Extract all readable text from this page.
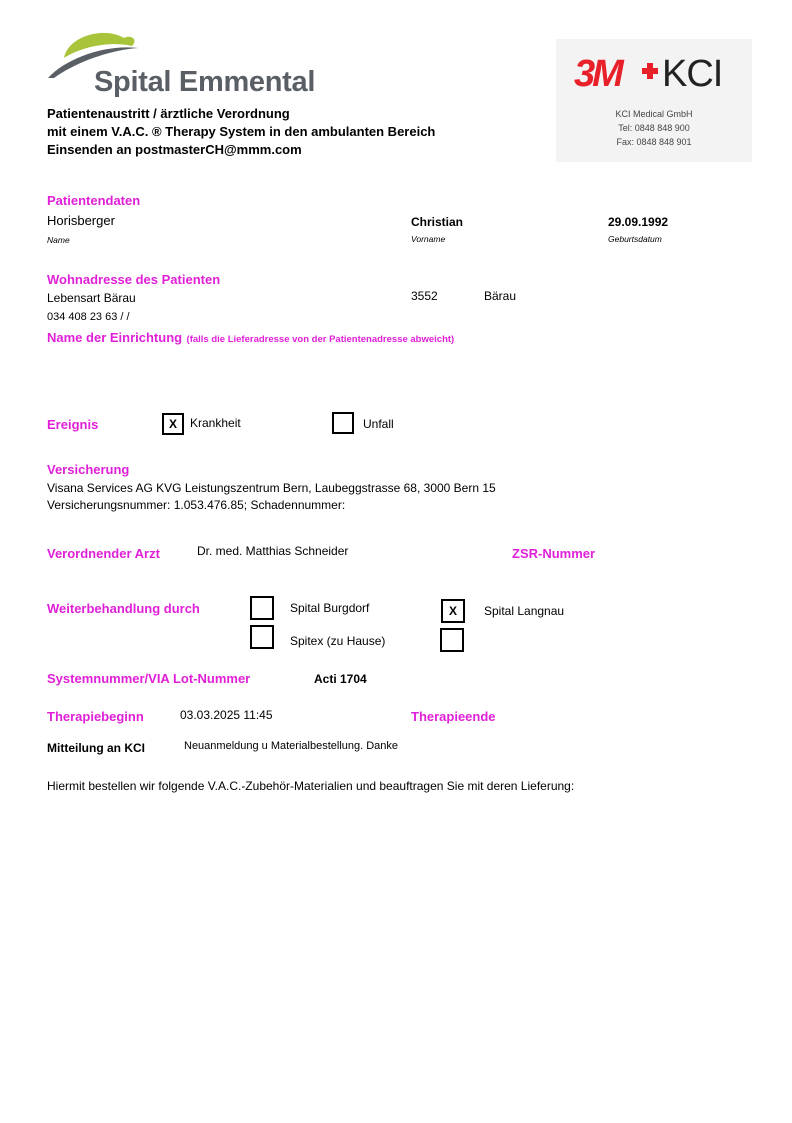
Spital Emmental
Patientenaustritt / ärztliche Verordnung
mit einem V.A.C. ® Therapy System in den ambulanten Bereich
Einsenden an postmasterCH@mmm.com
3M KCI
KCI Medical GmbH
Tel: 0848 848 900
Fax: 0848 848 901
Patientendaten
Horisberger
Name
Christian
Vorname
29.09.1992
Geburtsdatum
Wohnadresse des Patienten
Lebensart Bärau	3552	Bärau
034 408 23 63 / /
Name der Einrichtung (falls die Lieferadresse von der Patientenadresse abweicht)
Ereignis	X	Krankheit	Unfall
Versicherung
Visana Services AG KVG Leistungszentrum Bern, Laubeggstrasse 68, 3000 Bern 15
Versicherungsnummer: 1.053.476.85; Schadennummer:
Verordnender Arzt	Dr. med. Matthias Schneider	ZSR-Nummer
Weiterbehandlung durch	Spital Burgdorf	X	Spital Langnau
Spitex (zu Hause)
Systemnummer/VIA Lot-Nummer	Acti 1704
Therapiebeginn	03.03.2025 11:45	Therapieende
Mitteilung an KCI	Neuanmeldung u Materialbestellung. Danke
Hiermit bestellen wir folgende V.A.C.-Zubehör-Materialien und beauftragen Sie mit deren Lieferung:
